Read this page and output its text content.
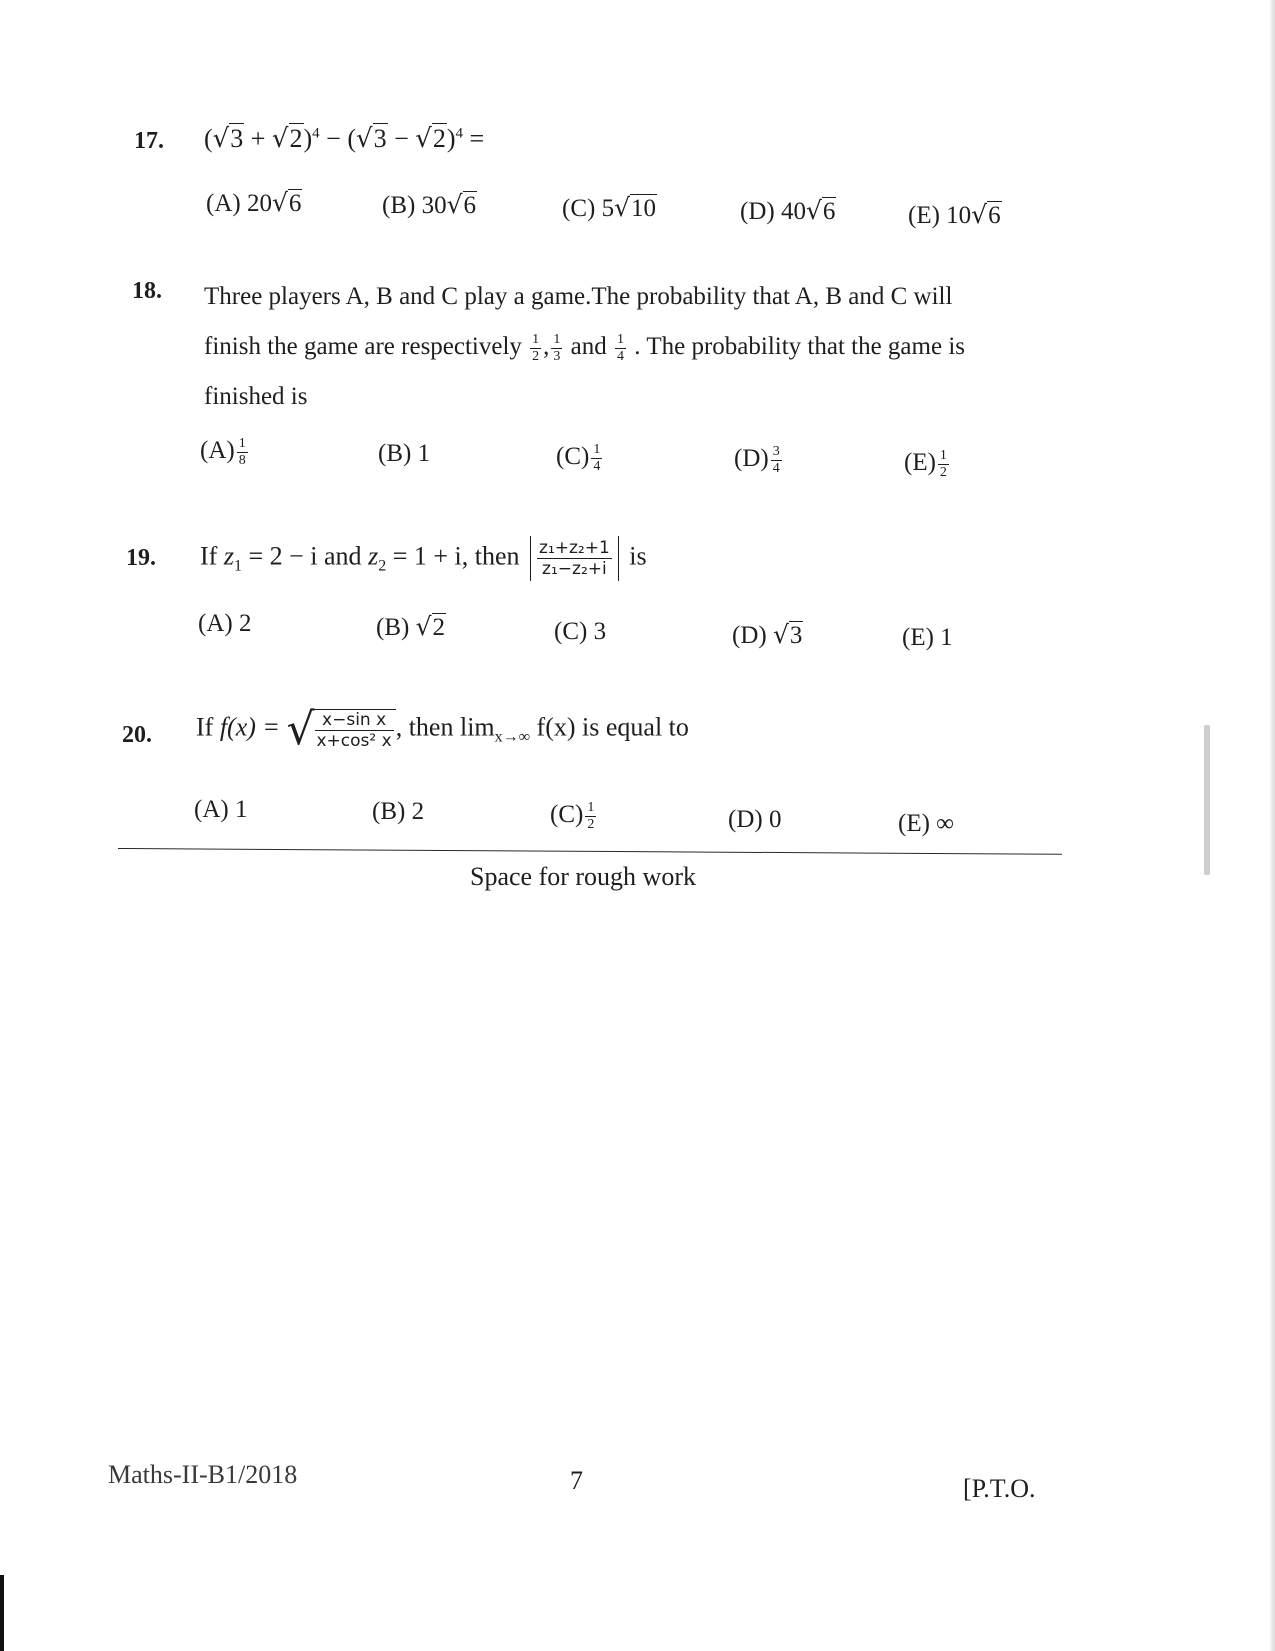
17. $(√3 + √2)^4 - (√3 - √2)^4$ =
(A) 20√6	(B) 30√6	(C) 5√10	(D) 40√6	(E) 10√6
18. Three players A, B and C play a game.The probability that A, B and C will
finish the game are respectively $\frac{1}{2}$ , $\frac{1}{3}$ and $\frac{1}{4}$ . The probability that the game is
finished is
$(A) \frac{1}{8}$	(B) 1	$(C) \frac{1}{4}$	$(D) \frac{3}{4}$	$(E) \frac{1}{2}$
19. If $z_1 = 2 - i$ and $z_2 = 1 + i$, then $\frac{\text{z₁+z₂+1}}{\text{z₁−z₂+i}}$ is
(A) 2	(B) √2	(C) 3	(D) √3	(E) 1
20. If f(x) = √ $\frac{\text{x−sin x}}{\text{x+cos² x}}$ , then $\lim_{x\to\infty} f(x)$ is equal to
(A) 1	(B) 2	$(C) \frac{1}{2}$	(D) 0	(E) ∞
Space for rough work
Maths-II-B1/2018	7	[P.T.O.
